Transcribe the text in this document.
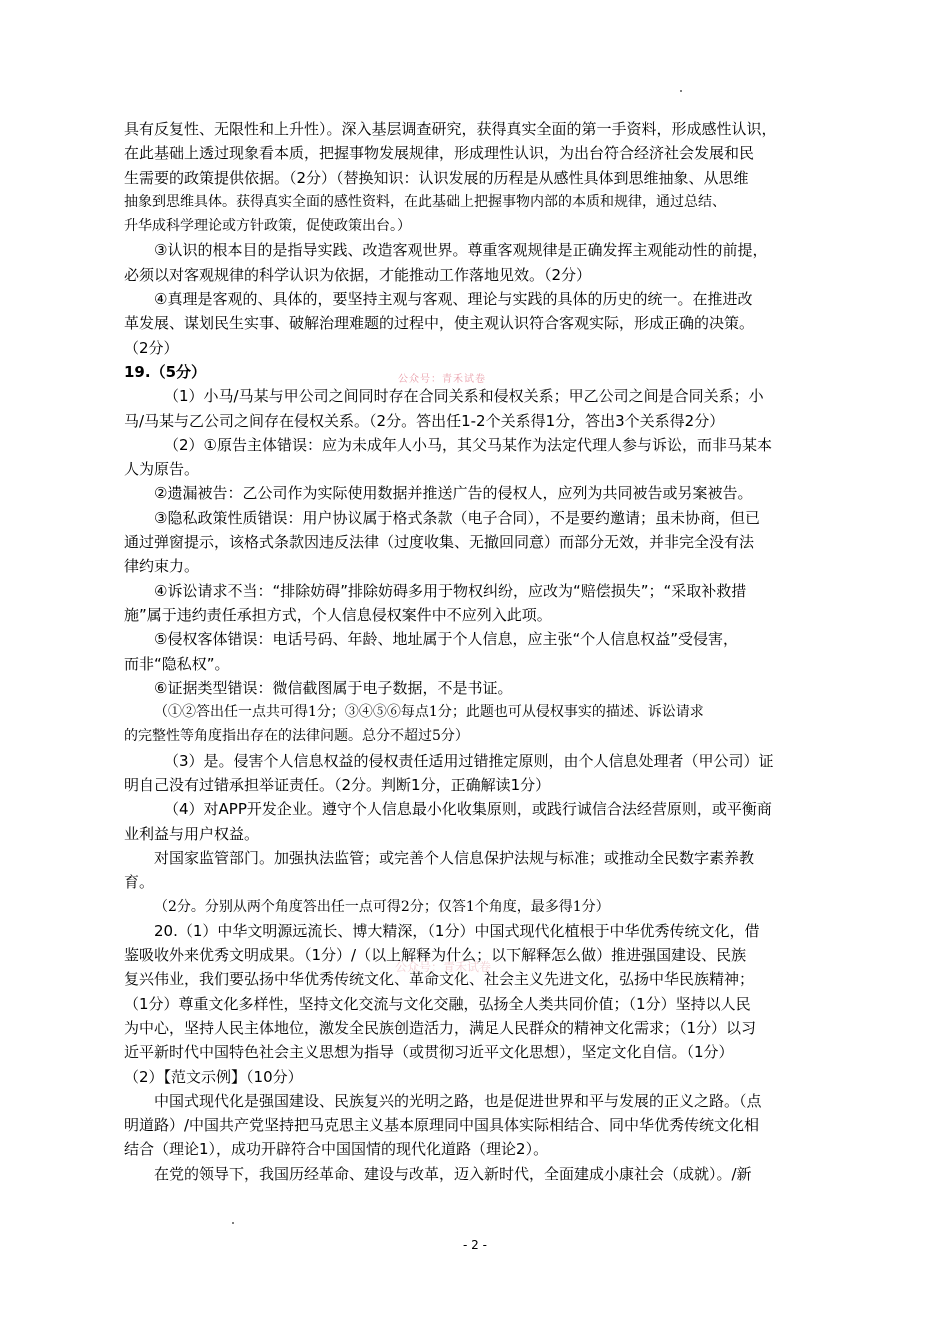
具有反复性、无限性和上升性）。深入基层调查研究，获得真实全面的第一手资料，形成感性认识，
在此基础上透过现象看本质，把握事物发展规律，形成理性认识，为出台符合经济社会发展和民
生需要的政策提供依据。（2分）（替换知识：认识发展的历程是从感性具体到思维抽象、从思维
抽象到思维具体。获得真实全面的感性资料，在此基础上把握事物内部的本质和规律，通过总结、
升华成科学理论或方针政策，促使政策出台。）
③认识的根本目的是指导实践、改造客观世界。尊重客观规律是正确发挥主观能动性的前提，
必须以对客观规律的科学认识为依据，才能推动工作落地见效。（2分）
④真理是客观的、具体的，要坚持主观与客观、理论与实践的具体的历史的统一。在推进改
革发展、谋划民生实事、破解治理难题的过程中，使主观认识符合客观实际，形成正确的决策。
（2分）
19.（5分）
（1）小马/马某与甲公司之间同时存在合同关系和侵权关系；甲乙公司之间是合同关系；小
马/马某与乙公司之间存在侵权关系。（2分。答出任1-2个关系得1分，答出3个关系得2分）
（2）①原告主体错误：应为未成年人小马，其父马某作为法定代理人参与诉讼，而非马某本
人为原告。
②遗漏被告：乙公司作为实际使用数据并推送广告的侵权人，应列为共同被告或另案被告。
③隐私政策性质错误：用户协议属于格式条款（电子合同），不是要约邀请；虽未协商，但已
通过弹窗提示，该格式条款因违反法律（过度收集、无撤回同意）而部分无效，并非完全没有法
律约束力。
④诉讼请求不当：“排除妨碍”排除妨碍多用于物权纠纷，应改为“赔偿损失”；“采取补救措
施”属于违约责任承担方式，个人信息侵权案件中不应列入此项。
⑤侵权客体错误：电话号码、年龄、地址属于个人信息，应主张“个人信息权益”受侵害，
而非“隐私权”。
⑥证据类型错误：微信截图属于电子数据，不是书证。
（①②答出任一点共可得1分；③④⑤⑥每点1分；此题也可从侵权事实的描述、诉讼请求
的完整性等角度指出存在的法律问题。总分不超过5分）
（3）是。侵害个人信息权益的侵权责任适用过错推定原则，由个人信息处理者（甲公司）证
明自己没有过错承担举证责任。（2分。判断1分，正确解读1分）
（4）对APP开发企业。遵守个人信息最小化收集原则，或践行诚信合法经营原则，或平衡商
业利益与用户权益。
对国家监管部门。加强执法监管；或完善个人信息保护法规与标准；或推动全民数字素养教
育。
（2分。分别从两个角度答出任一点可得2分；仅答1个角度，最多得1分）
20.（1）中华文明源远流长、博大精深，（1分）中国式现代化植根于中华优秀传统文化，借
鉴吸收外来优秀文明成果。（1分）/（以上解释为什么；以下解释怎么做）推进强国建设、民族
复兴伟业，我们要弘扬中华优秀传统文化、革命文化、社会主义先进文化，弘扬中华民族精神；
（1分）尊重文化多样性，坚持文化交流与文化交融，弘扬全人类共同价值；（1分）坚持以人民
为中心，坚持人民主体地位，激发全民族创造活力，满足人民群众的精神文化需求；（1分）以习
近平新时代中国特色社会主义思想为指导（或贯彻习近平文化思想），坚定文化自信。（1分）
（2）【范文示例】（10分）
中国式现代化是强国建设、民族复兴的光明之路，也是促进世界和平与发展的正义之路。（点
明道路）/中国共产党坚持把马克思主义基本原理同中国具体实际相结合、同中华优秀传统文化相
结合（理论1），成功开辟符合中国国情的现代化道路（理论2）。
在党的领导下，我国历经革命、建设与改革，迈入新时代，全面建成小康社会（成就）。/新
公众号：青禾试卷
公众号：青禾试卷
- 2 -
